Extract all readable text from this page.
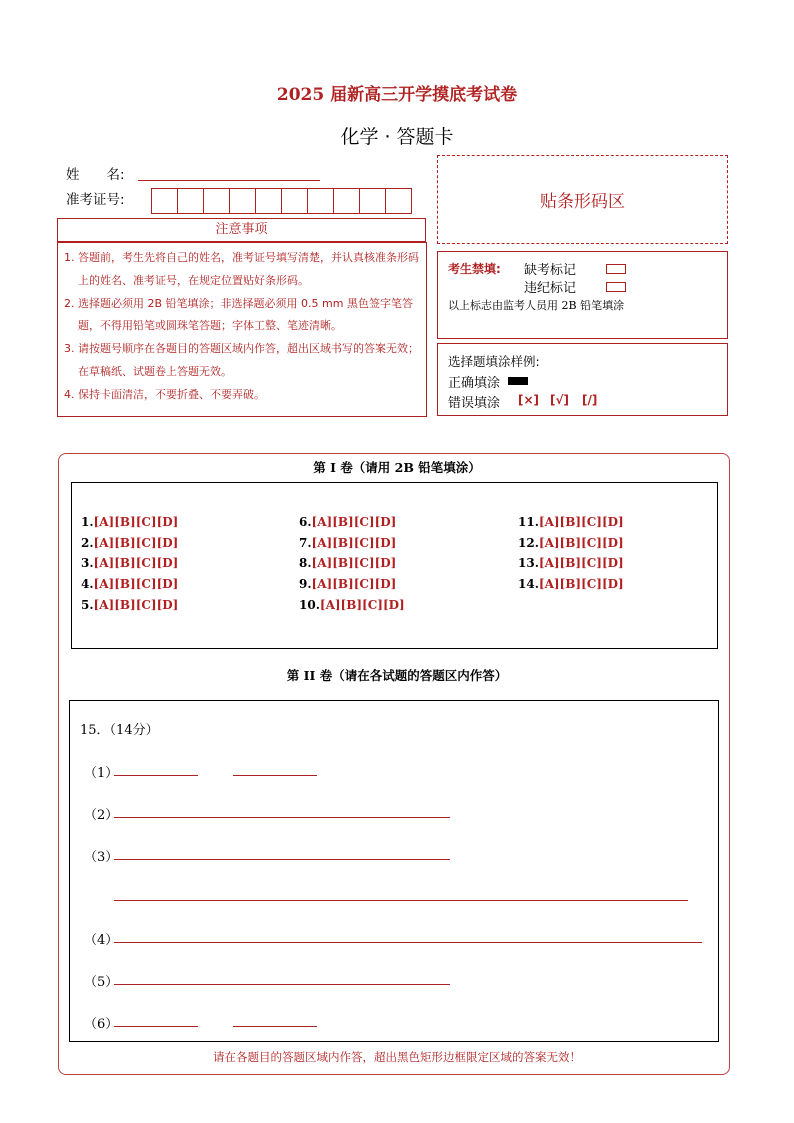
2025 届新高三开学摸底考试卷
化学 · 答题卡
姓　　名:
准考证号:	贴条形码区
注意事项
1. 答题前，考生先将自己的姓名，准考证号填写清楚，并认真核准条形码上的姓名、准考证号，在规定位置贴好条形码。
2. 选择题必须用 2B 铅笔填涂；非选择题必须用 0.5 mm 黑色签字笔答题，不得用铅笔或圆珠笔答题；字体工整、笔迹清晰。
3. 请按题号顺序在各题目的答题区域内作答，超出区域书写的答案无效；在草稿纸、试题卷上答题无效。
4. 保持卡面清洁，不要折叠、不要弄破。
考生禁填: 缺考标记
违纪标记
以上标志由监考人员用 2B 铅笔填涂
选择题填涂样例:
正确填涂
错误填涂 [×] [√] [/]
第 I 卷（请用 2B 铅笔填涂）
1.[A][B][C][D]
2.[A][B][C][D]
3.[A][B][C][D]
4.[A][B][C][D]
5.[A][B][C][D]
6.[A][B][C][D]
7.[A][B][C][D]
8.[A][B][C][D]
9.[A][B][C][D]
10.[A][B][C][D]
11.[A][B][C][D]
12.[A][B][C][D]
13.[A][B][C][D]
14.[A][B][C][D]
第 II 卷（请在各试题的答题区内作答）
15．（14分）
（1）
（2）
（3）
（4）
（5）
（6）
请在各题目的答题区域内作答，超出黑色矩形边框限定区域的答案无效！
